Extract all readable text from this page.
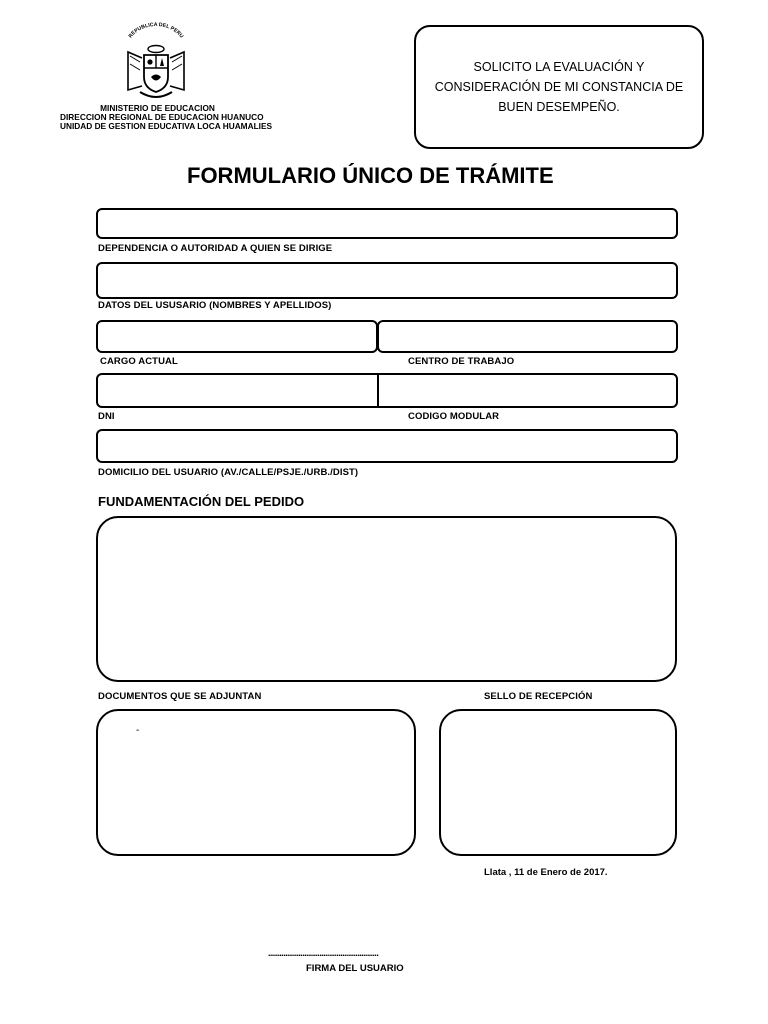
REPUBLICA DEL PERU
MINISTERIO DE EDUCACION
DIRECCION REGIONAL DE EDUCACION HUANUCO
UNIDAD DE GESTION EDUCATIVA LOCA HUAMALIES
SOLICITO LA EVALUACIÓN Y
CONSIDERACIÓN DE MI CONSTANCIA DE
BUEN DESEMPEÑO.
FORMULARIO ÚNICO DE TRÁMITE
DEPENDENCIA O AUTORIDAD A QUIEN SE DIRIGE
DATOS DEL USUSARIO (NOMBRES Y APELLIDOS)
CARGO ACTUAL	CENTRO DE TRABAJO
DNI	CODIGO MODULAR
DOMICILIO DEL USUARIO (AV./CALLE/PSJE./URB./DIST)
FUNDAMENTACIÓN DEL PEDIDO
DOCUMENTOS QUE SE ADJUNTAN	SELLO DE RECEPCIÓN
-
Llata , 11 de Enero de 2017.
..........................................................
FIRMA DEL USUARIO
